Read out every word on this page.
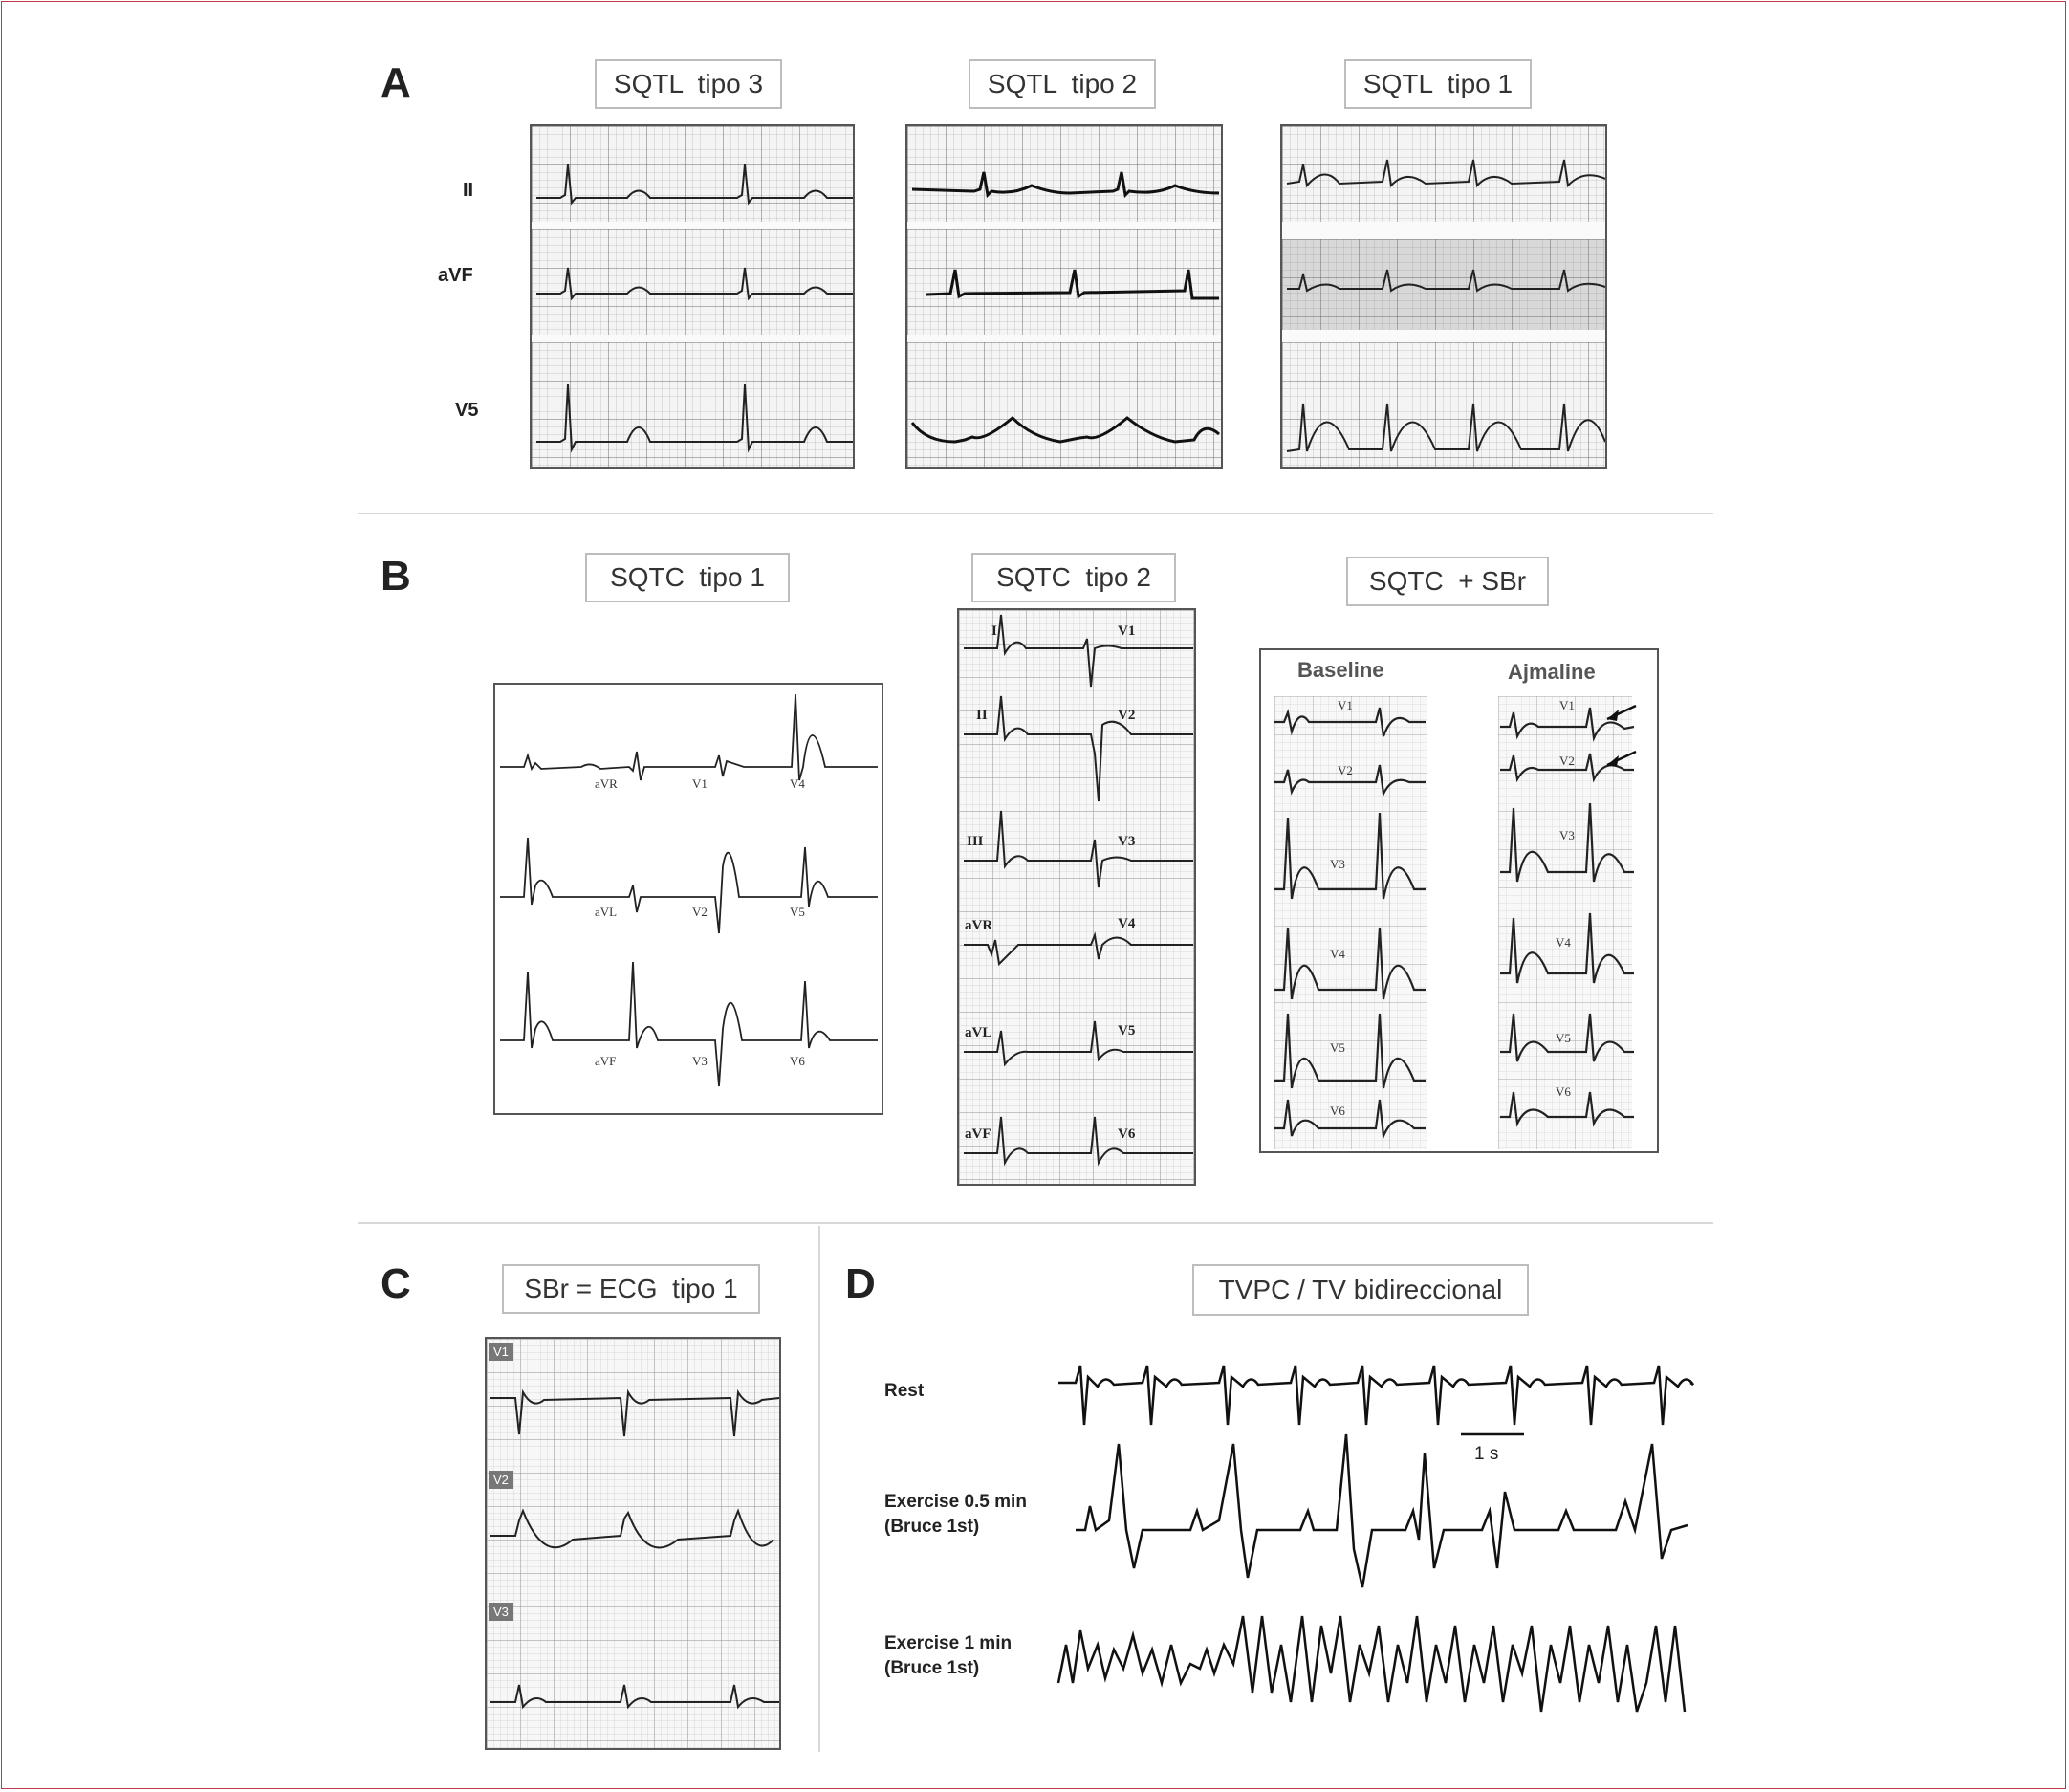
A	SQTL  tipo 3	SQTL  tipo 2	SQTL  tipo 1
II
aVF
V5
B	SQTC  tipo 1	SQTC  tipo 2	SQTC  + SBr
aVR	V1	V4
aVL	V2	V5
aVF	V3	V6
I
II
III
aVR
aVL
aVF
V1
V2
V3
V4
V5
V6
Baseline	Ajmaline
V1
V2
V3
V4
V5
V6
V1
V2
V3
V4
V5
V6
C	SBr = ECG  tipo 1
V1
V2
V3
D	TVPC / TV bidireccional
Rest
Exercise 0.5 min
(Bruce 1st)
Exercise 1 min
(Bruce 1st)
1 s
